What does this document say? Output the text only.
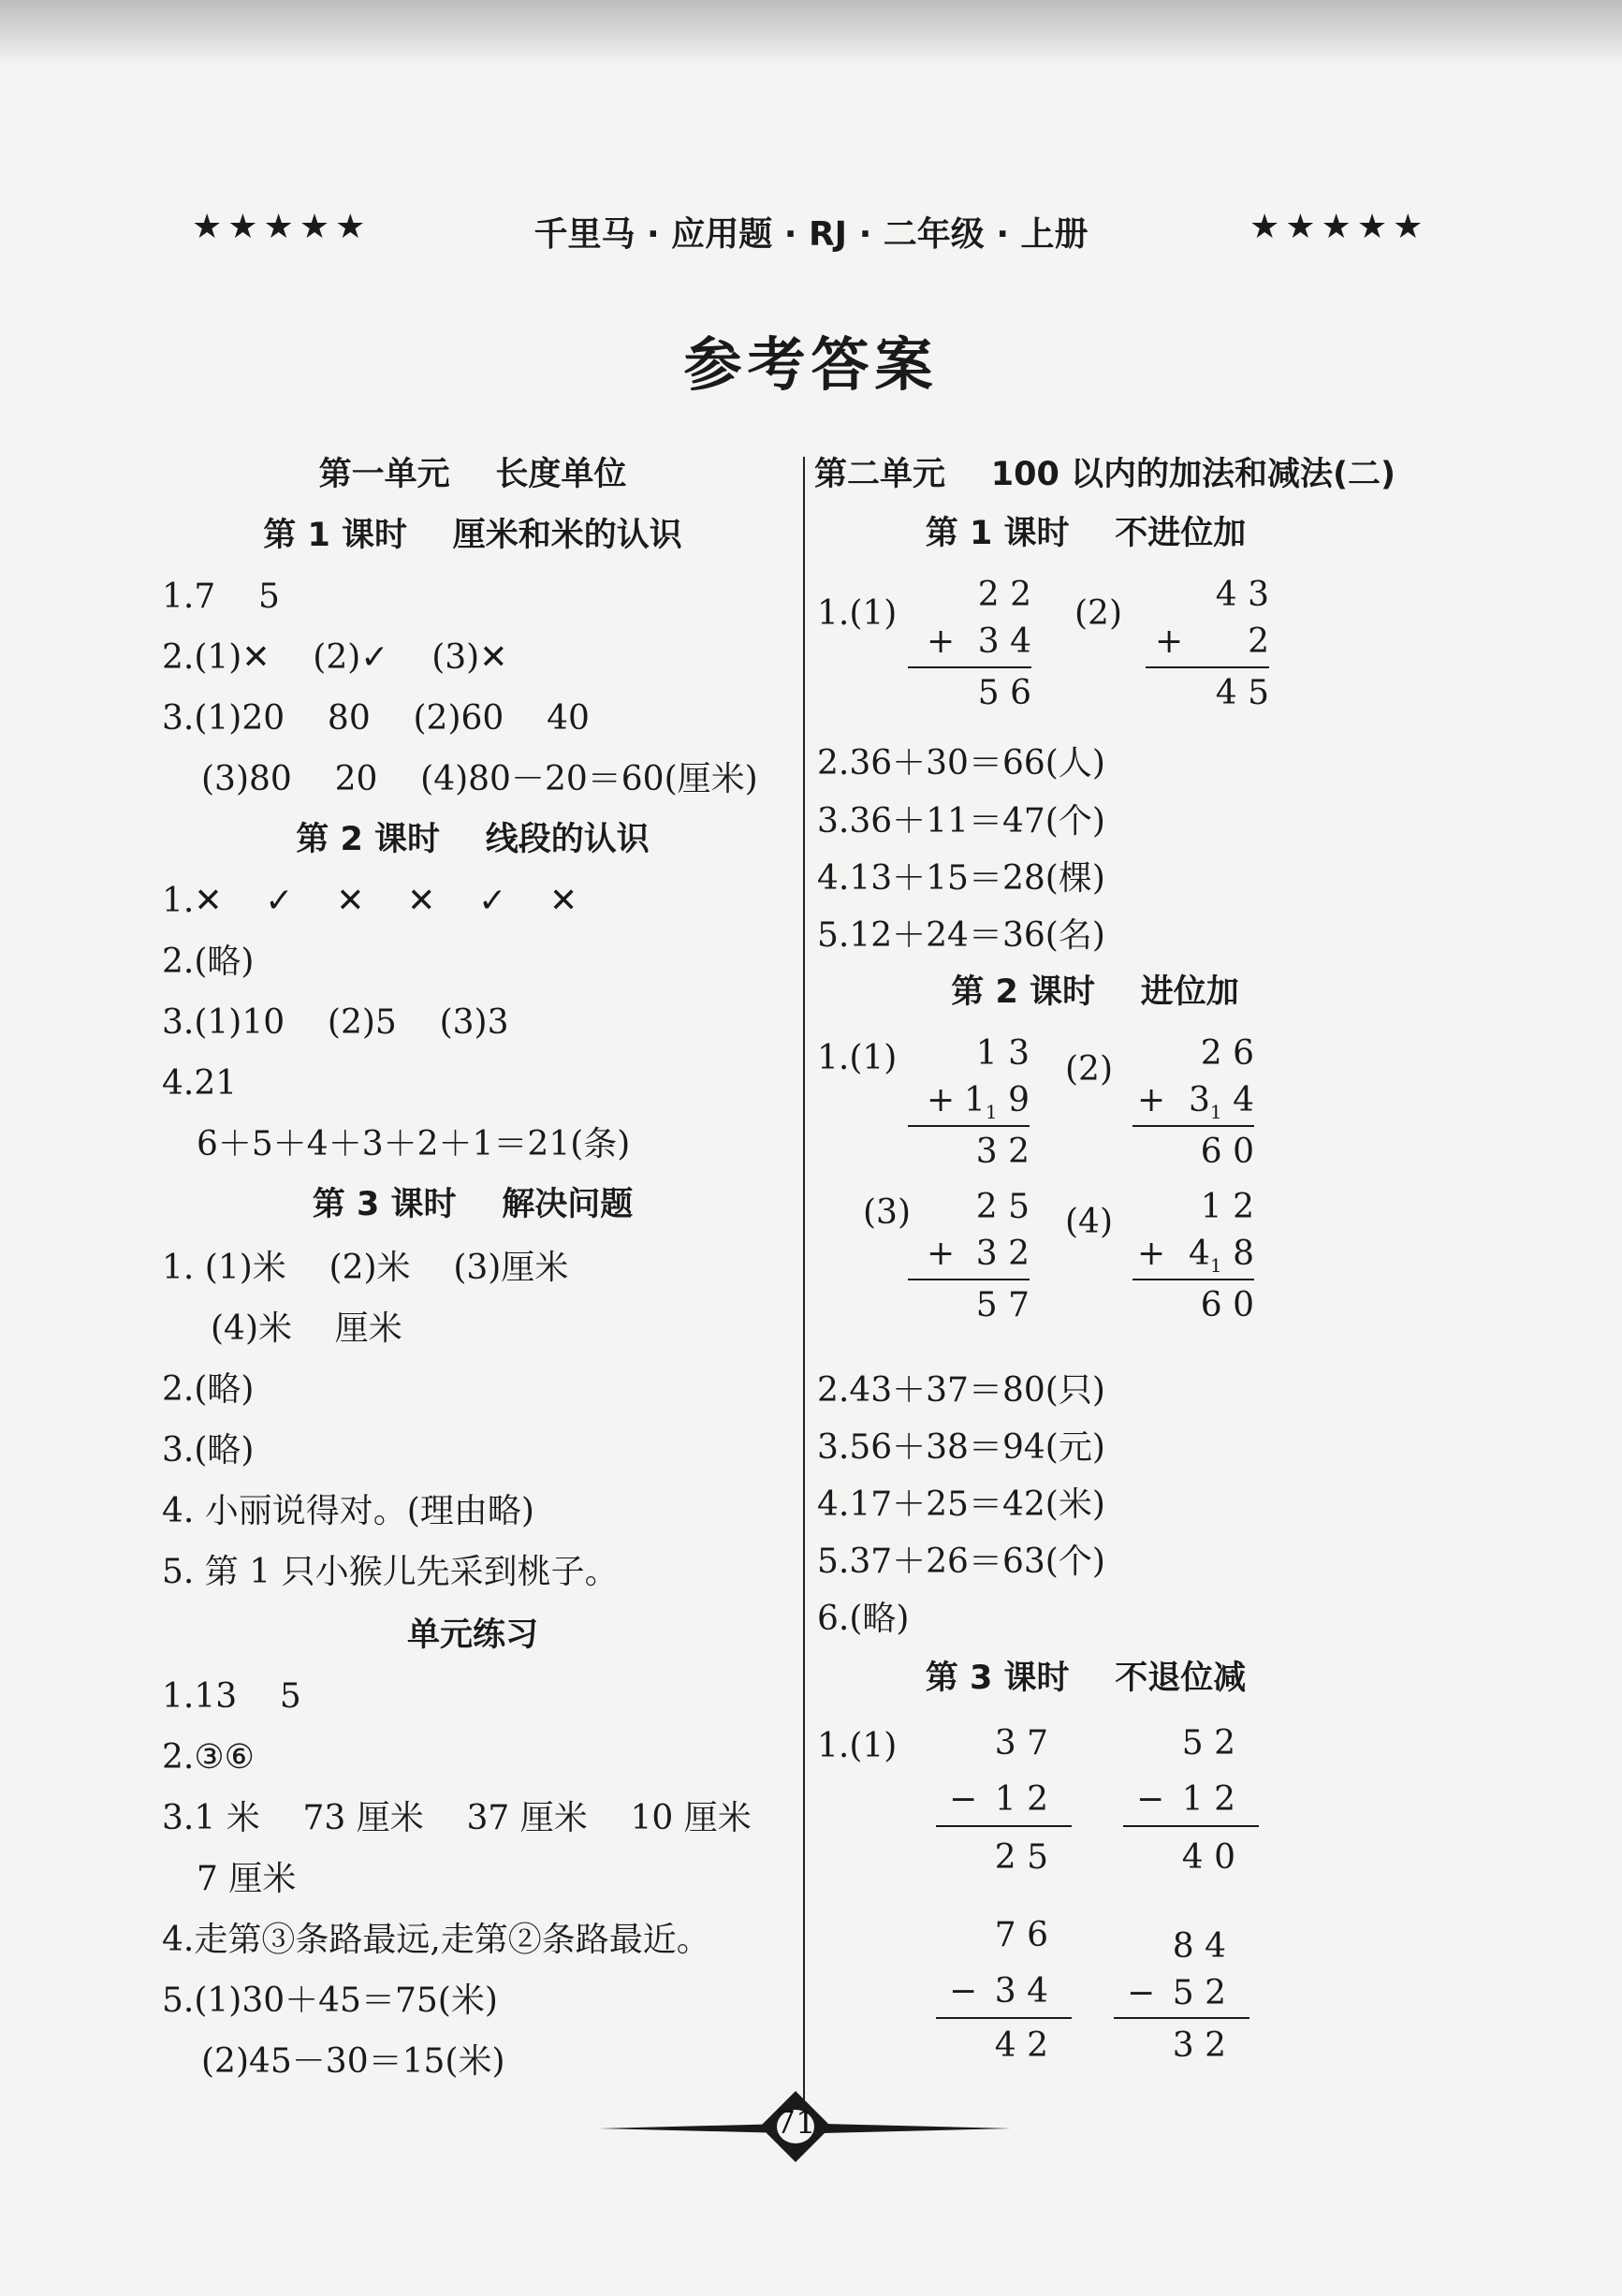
★★★★★	千里马 · 应用题 · RJ · 二年级 · 上册	★★★★★
参考答案
第一单元    长度单位
第 1 课时    厘米和米的认识
1.7    5
2.(1)✕    (2)✓    (3)✕
3.(1)20    80    (2)60    40
(3)80    20    (4)80－20＝60(厘米)
第 2 课时    线段的认识
1.✕    ✓    ✕    ✕    ✓    ✕
2.(略)
3.(1)10    (2)5    (3)3
4.21
6＋5＋4＋3＋2＋1＝21(条)
第 3 课时    解决问题
1. (1)米    (2)米    (3)厘米
(4)米    厘米
2.(略)
3.(略)
4. 小丽说得对。(理由略)
5. 第 1 只小猴儿先采到桃子。
单元练习
1.13    5
2.③⑥
3.1 米    73 厘米    37 厘米    10 厘米
7 厘米
4.走第③条路最远,走第②条路最近。
5.(1)30＋45＝75(米)
(2)45－30＝15(米)
第二单元    100 以内的加法和减法(二)
第 1 课时    不进位加
1.(1) 2 2
+ 3 4
5 6
(2)	4 3
+ 2
4 5
2.36＋30＝66(人)
3.36＋11＝47(个)
4.13＋15＝28(棵)
5.12＋24＝36(名)
第 2 课时    进位加
1.(1) 1 3
+ $1_1$ 9
3 2
(2)	2 6
+ $3_1$ 4
6 0
(3) 2 5
+ 3 2
5 7
(4)	1 2
+ $4_1$ 8
6 0
2.43＋37＝80(只)
3.56＋38＝94(元)
4.17＋25＝42(米)
5.37＋26＝63(个)
6.(略)
第 3 课时    不退位减
1.(1)	3 7
− 1 2
2 5
5 2
− 1 2
4 0
7 6
− 3 4
4 2
8 4
− 5 2
3 2
71
